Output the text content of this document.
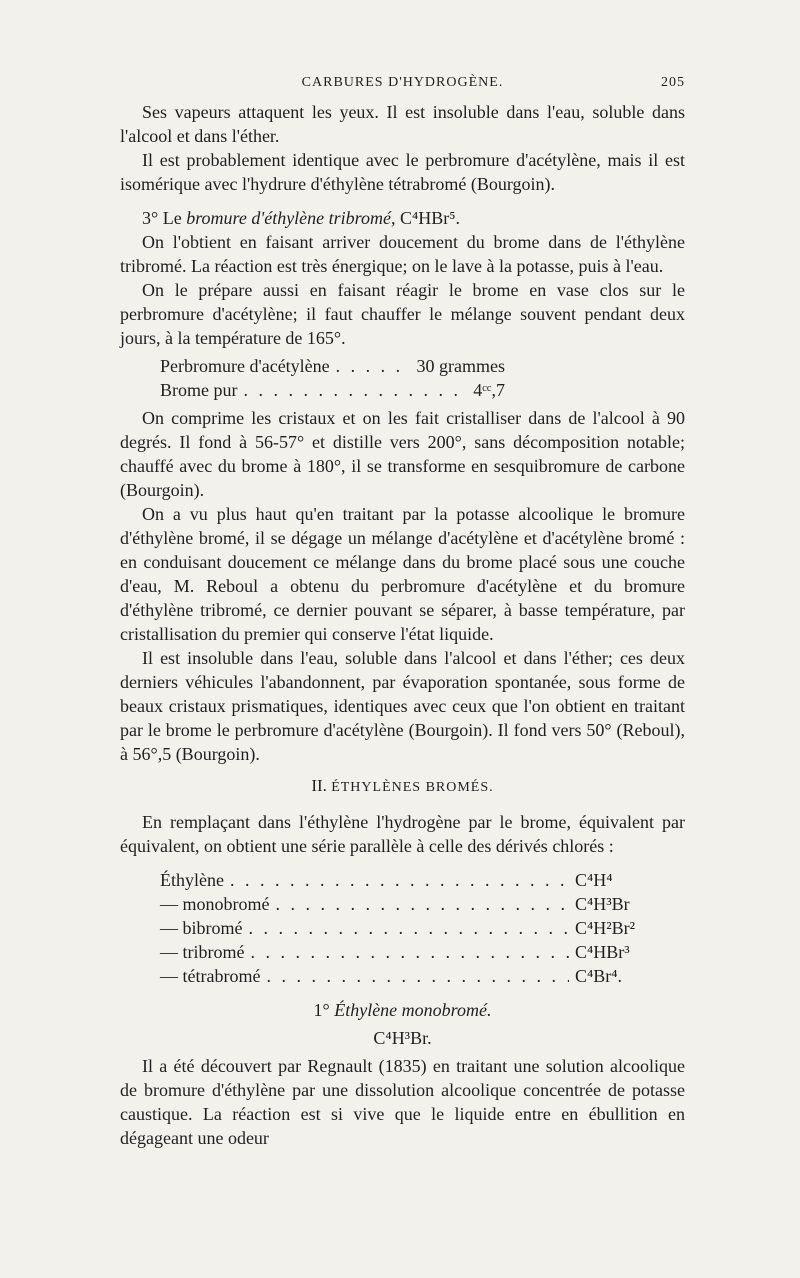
CARBURES D'HYDROGÈNE.	205

Ses vapeurs attaquent les yeux. Il est insoluble dans l'eau, soluble dans l'alcool et dans l'éther.

Il est probablement identique avec le perbromure d'acétylène, mais il est isomérique avec l'hydrure d'éthylène tétrabromé (Bourgoin).

3° Le bromure d'éthylène tribromé, C⁴HBr⁵.

On l'obtient en faisant arriver doucement du brome dans de l'éthylène tribromé. La réaction est très énergique; on le lave à la potasse, puis à l'eau.

On le prépare aussi en faisant réagir le brome en vase clos sur le perbromure d'acétylène; il faut chauffer le mélange souvent pendant deux jours, à la température de 165°.

Perbromure d'acétylène . . .	30 grammes
Brome pur . . .	4ᶜᶜ,7

On comprime les cristaux et on les fait cristalliser dans de l'alcool à 90 degrés. Il fond à 56-57° et distille vers 200°, sans décomposition notable; chauffé avec du brome à 180°, il se transforme en sesquibromure de carbone (Bourgoin).

On a vu plus haut qu'en traitant par la potasse alcoolique le bromure d'éthylène bromé, il se dégage un mélange d'acétylène et d'acétylène bromé : en conduisant doucement ce mélange dans du brome placé sous une couche d'eau, M. Reboul a obtenu du perbromure d'acétylène et du bromure d'éthylène tribromé, ce dernier pouvant se séparer, à basse température, par cristallisation du premier qui conserve l'état liquide.

Il est insoluble dans l'eau, soluble dans l'alcool et dans l'éther; ces deux derniers véhicules l'abandonnent, par évaporation spontanée, sous forme de beaux cristaux prismatiques, identiques avec ceux que l'on obtient en traitant par le brome le perbromure d'acétylène (Bourgoin). Il fond vers 50° (Reboul), à 56°,5 (Bourgoin).

II. ÉTHYLÈNES BROMÉS.

En remplaçant dans l'éthylène l'hydrogène par le brome, équivalent par équivalent, on obtient une série parallèle à celle des dérivés chlorés :

Éthylène . . .	C⁴H⁴
— monobromé . . .	C⁴H³Br
— bibromé . . .	C⁴H²Br²
— tribromé . . .	C⁴HBr³
— tétrabromé . . .	C⁴Br⁴.
1° Éthylène monobromé.
C⁴H³Br.

Il a été découvert par Regnault (1835) en traitant une solution alcoolique de bromure d'éthylène par une dissolution alcoolique concentrée de potasse caustique. La réaction est si vive que le liquide entre en ébullition en dégageant une odeur
